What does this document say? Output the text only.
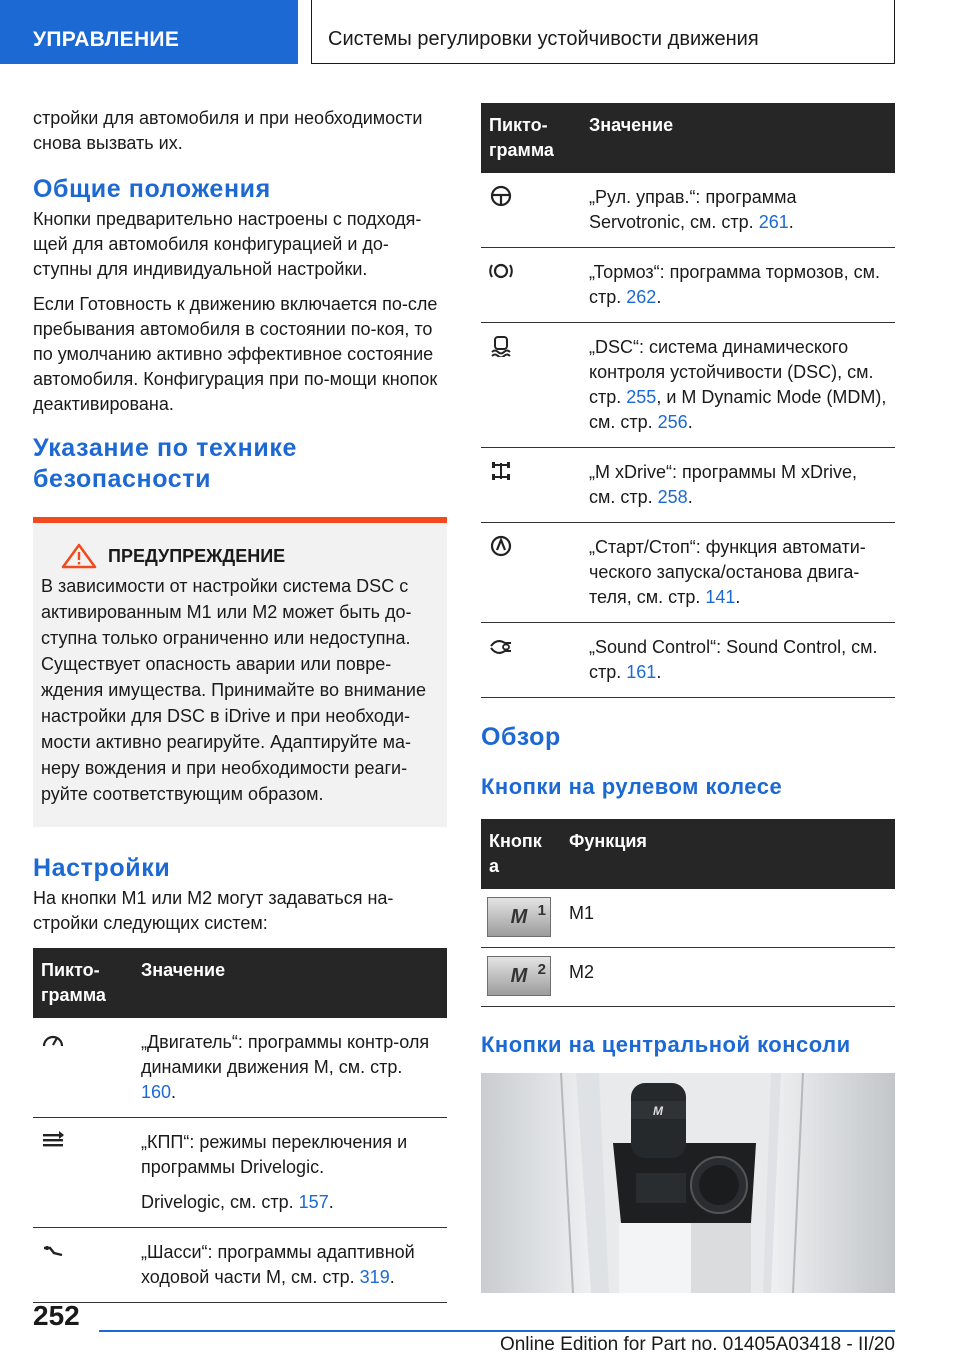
УПРАВЛЕНИЕ	Системы регулировки устойчивости движения

стройки для автомобиля и при необходимости снова вызвать их.

Общие положения

Кнопки предварительно настроены с подходя-щей для автомобиля конфигурацией и до-ступны для индивидуальной настройки.

Если Готовность к движению включается по-сле пребывания автомобиля в состоянии по-коя, то по умолчанию активно эффективное состояние автомобиля. Конфигурация при по-мощи кнопок деактивирована.

Указание по технике безопасности
ПРЕДУПРЕЖДЕНИЕ

В зависимости от настройки система DSC с активированным M1 или M2 может быть до-ступна только ограниченно или недоступна. Существует опасность аварии или повре-ждения имущества. Принимайте во внимание настройки для DSC в iDrive и при необходи-мости активно реагируйте. Адаптируйте ма-неру вождения и при необходимости реаги-руйте соответствующим образом.

Настройки

На кнопки M1 или M2 могут задаваться на-стройки следующих систем:

Пикто-грамма	Значение
	„Двигатель“: программы контр-оля динамики движения M, см. стр. 160.

„КПП“: режимы переключения и программы Drivelogic.

Drivelogic, см. стр. 157.

	„Шасси“: программы адаптивной ходовой части M, см. стр. 319.
Пикто-грамма	Значение
	„Рул. управ.“: программа Servotronic, см. стр. 261.
	„Тормоз“: программа тормозов, см. стр. 262.
	„DSC“: система динамического контроля устойчивости (DSC), см. стр. 255, и M Dynamic Mode (MDM), см. стр. 256.
	„M xDrive“: программы M xDrive, см. стр. 258.
	„Старт/Стоп“: функция автомати-ческого запуска/останова двига-теля, см. стр. 141.
	„Sound Control“: Sound Control, см. стр. 161.
Обзор
Кнопки на рулевом колесе
Кнопк а	Функция

M 1	M1

M 2	M2
Кнопки на центральной консоли
M
252
Online Edition for Part no. 01405A03418 - II/20
